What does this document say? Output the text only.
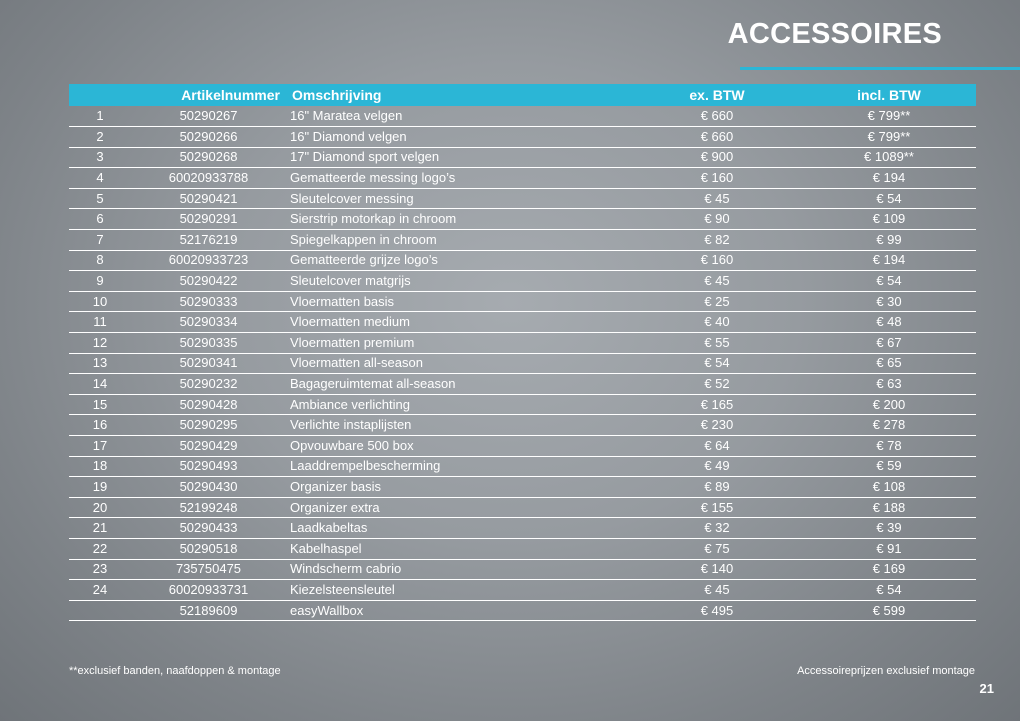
ACCESSOIRES
	Artikelnummer	Omschrijving	ex. BTW	incl. BTW
1	50290267	16" Maratea velgen	€ 660	€ 799**
2	50290266	16" Diamond velgen	€ 660	€ 799**
3	50290268	17" Diamond sport velgen	€ 900	€ 1089**
4	60020933788	Gematteerde messing logo’s	€ 160	€ 194
5	50290421	Sleutelcover messing	€ 45	€ 54
6	50290291	Sierstrip motorkap in chroom	€ 90	€ 109
7	52176219	Spiegelkappen in chroom	€ 82	€ 99
8	60020933723	Gematteerde grijze logo’s	€ 160	€ 194
9	50290422	Sleutelcover matgrijs	€ 45	€ 54
10	50290333	Vloermatten basis	€ 25	€ 30
11	50290334	Vloermatten medium	€ 40	€ 48
12	50290335	Vloermatten premium	€ 55	€ 67
13	50290341	Vloermatten all-season	€ 54	€ 65
14	50290232	Bagageruimtemat all-season	€ 52	€ 63
15	50290428	Ambiance verlichting	€ 165	€ 200
16	50290295	Verlichte instaplijsten	€ 230	€ 278
17	50290429	Opvouwbare 500 box	€ 64	€ 78
18	50290493	Laaddrempelbescherming	€ 49	€ 59
19	50290430	Organizer basis	€ 89	€ 108
20	52199248	Organizer extra	€ 155	€ 188
21	50290433	Laadkabeltas	€ 32	€ 39
22	50290518	Kabelhaspel	€ 75	€ 91
23	735750475	Windscherm cabrio	€ 140	€ 169
24	60020933731	Kiezelsteensleutel	€ 45	€ 54
	52189609	easyWallbox	€ 495	€ 599
**exclusief banden, naafdoppen & montage	Accessoireprijzen exclusief montage
21
